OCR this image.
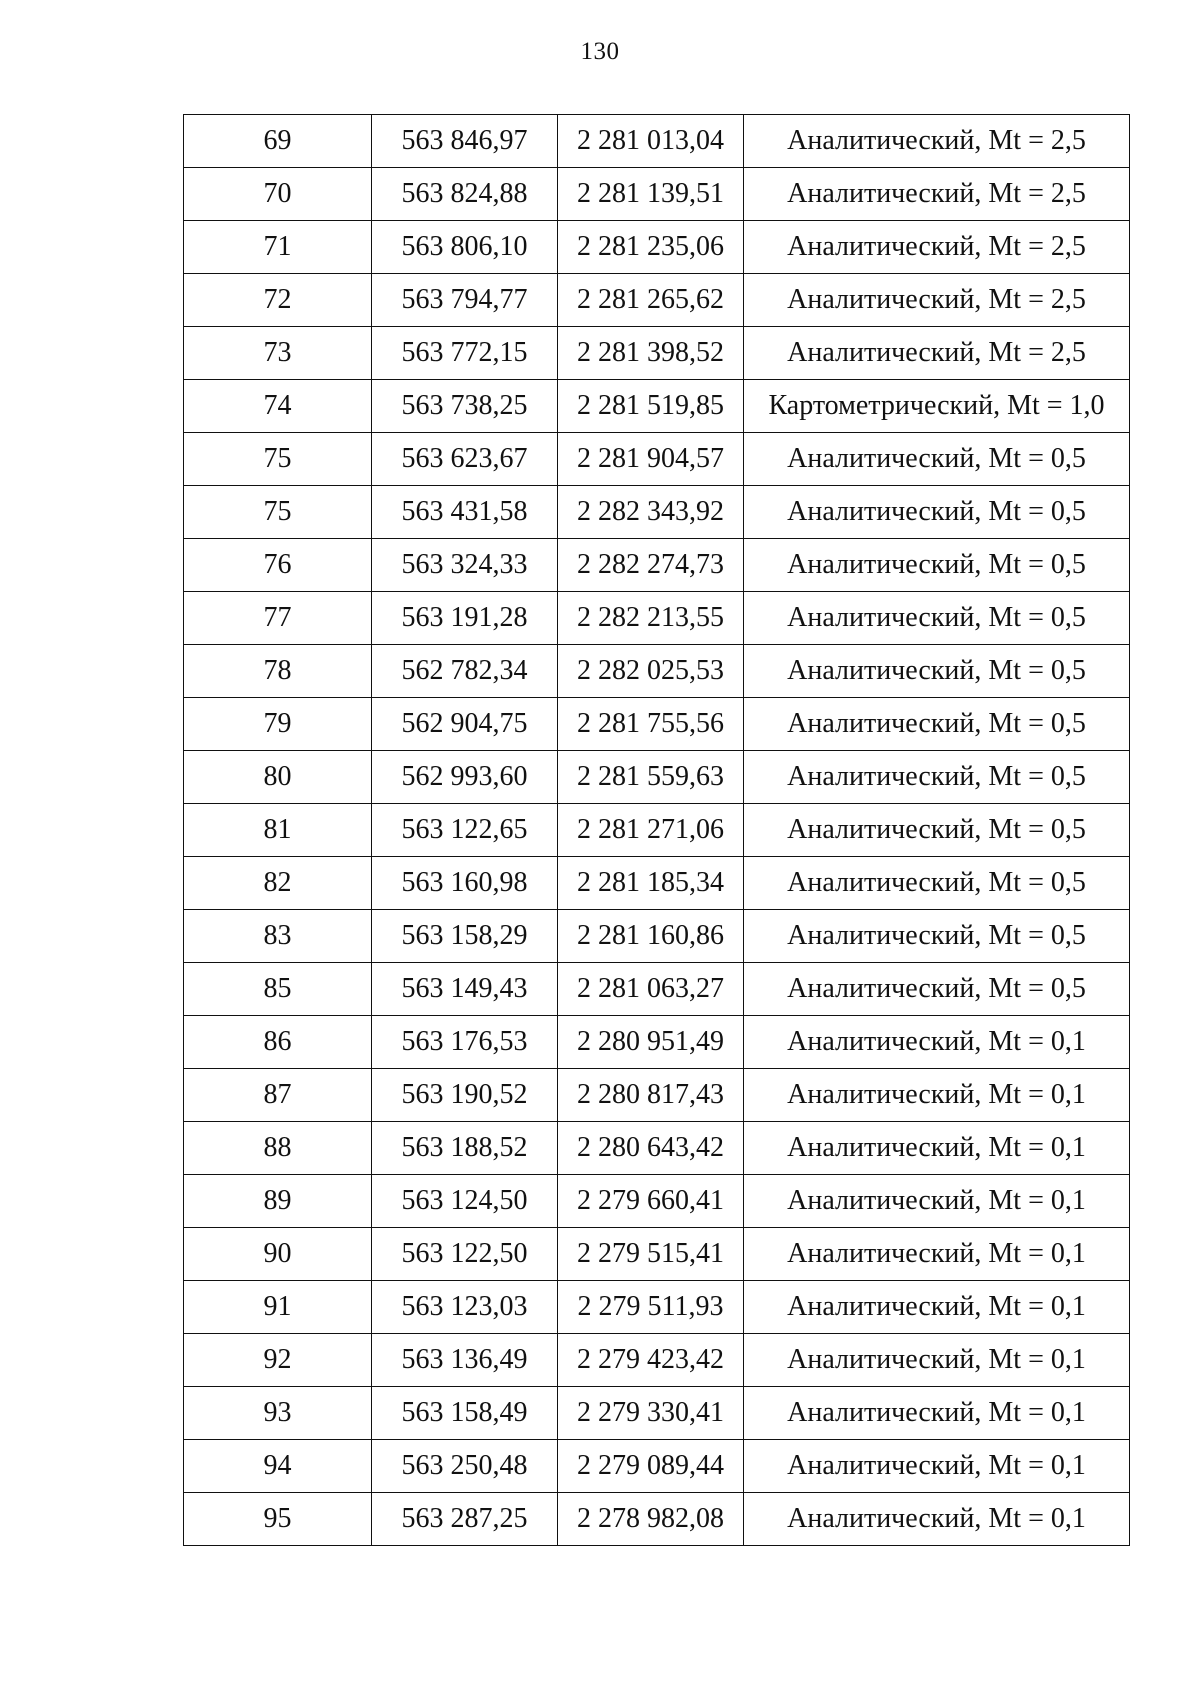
130
69	563 846,97	2 281 013,04	Аналитический, Mt = 2,5
70	563 824,88	2 281 139,51	Аналитический, Mt = 2,5
71	563 806,10	2 281 235,06	Аналитический, Mt = 2,5
72	563 794,77	2 281 265,62	Аналитический, Mt = 2,5
73	563 772,15	2 281 398,52	Аналитический, Mt = 2,5
74	563 738,25	2 281 519,85	Картометрический, Mt = 1,0
75	563 623,67	2 281 904,57	Аналитический, Mt = 0,5
75	563 431,58	2 282 343,92	Аналитический, Mt = 0,5
76	563 324,33	2 282 274,73	Аналитический, Mt = 0,5
77	563 191,28	2 282 213,55	Аналитический, Mt = 0,5
78	562 782,34	2 282 025,53	Аналитический, Mt = 0,5
79	562 904,75	2 281 755,56	Аналитический, Mt = 0,5
80	562 993,60	2 281 559,63	Аналитический, Mt = 0,5
81	563 122,65	2 281 271,06	Аналитический, Mt = 0,5
82	563 160,98	2 281 185,34	Аналитический, Mt = 0,5
83	563 158,29	2 281 160,86	Аналитический, Mt = 0,5
85	563 149,43	2 281 063,27	Аналитический, Mt = 0,5
86	563 176,53	2 280 951,49	Аналитический, Mt = 0,1
87	563 190,52	2 280 817,43	Аналитический, Mt = 0,1
88	563 188,52	2 280 643,42	Аналитический, Mt = 0,1
89	563 124,50	2 279 660,41	Аналитический, Mt = 0,1
90	563 122,50	2 279 515,41	Аналитический, Mt = 0,1
91	563 123,03	2 279 511,93	Аналитический, Mt = 0,1
92	563 136,49	2 279 423,42	Аналитический, Mt = 0,1
93	563 158,49	2 279 330,41	Аналитический, Mt = 0,1
94	563 250,48	2 279 089,44	Аналитический, Mt = 0,1
95	563 287,25	2 278 982,08	Аналитический, Mt = 0,1
